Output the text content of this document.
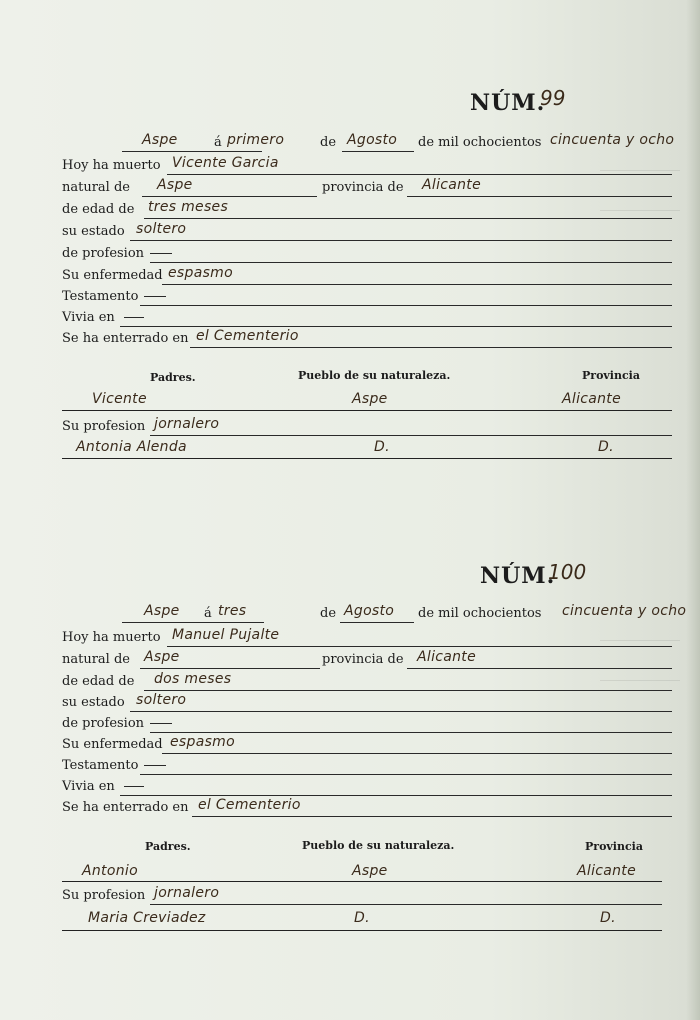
NÚM.
99
Aspe	á primero	de Agosto de mil ochocientos cincuenta y ocho
Hoy ha muerto Vicente Garcia
natural de Aspe	provincia de Alicante
de edad de tres meses
su estado soltero
de profesion
Su enfermedad espasmo
Testamento
Vivia en
Se ha enterrado en el Cementerio
Padres.	Pueblo de su naturaleza.	Provincia
Vicente	Aspe	Alicante
Su profesion jornalero
Antonia Alenda	D.	D.
NÚM.
100
Aspe á tres	de Agosto de mil ochocientos cincuenta y ocho
Hoy ha muerto Manuel Pujalte
natural de Aspe	provincia de Alicante
de edad de dos meses
su estado soltero
de profesion
Su enfermedad espasmo
Testamento
Vivia en
Se ha enterrado en el Cementerio
Padres.	Pueblo de su naturaleza.	Provincia
Antonio	Aspe	Alicante
Su profesion jornalero
Maria Creviadez	D.	D.
